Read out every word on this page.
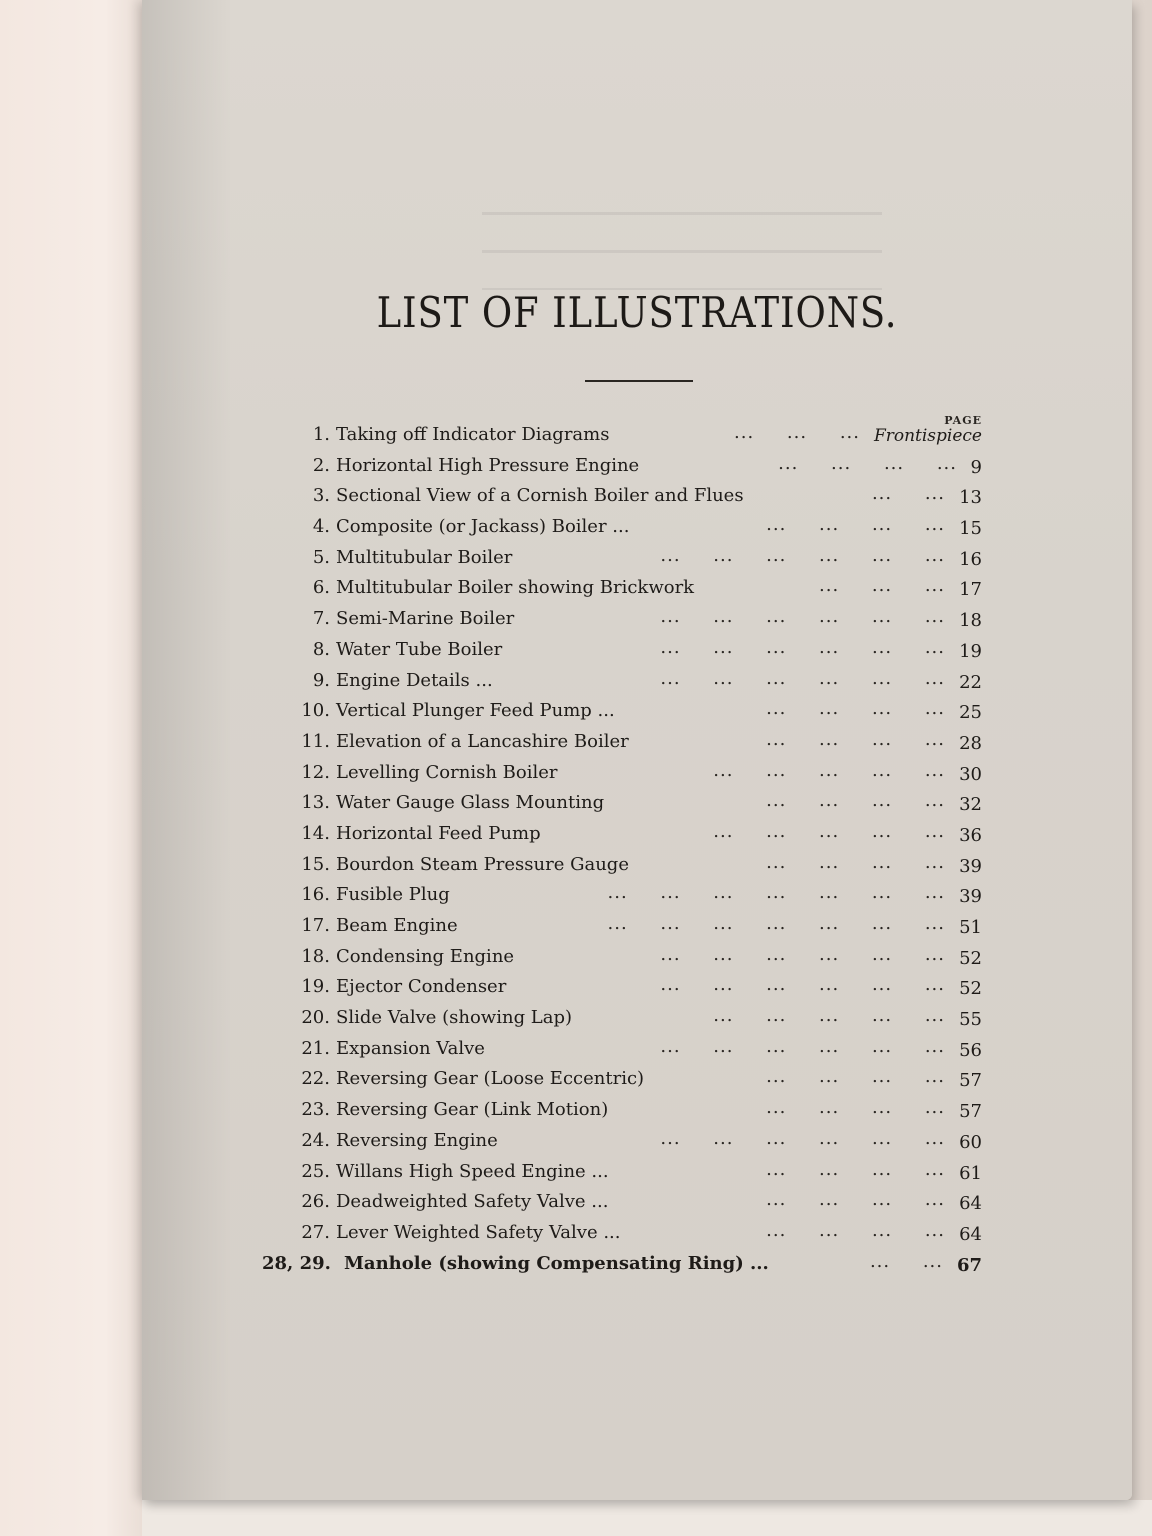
LIST OF ILLUSTRATIONS.
PAGE
1. Taking off Indicator Diagrams	... ... ... Frontispiece
2. Horizontal High Pressure Engine	... ... ... ... 9
3. Sectional View of a Cornish Boiler and Flues	... ... 13
4. Composite (or Jackass) Boiler ...	... ... ... ... 15
5. Multitubular Boiler	... ... ... ... ... ... 16
6. Multitubular Boiler showing Brickwork	... ... ... 17
7. Semi-Marine Boiler	... ... ... ... ... ... 18
8. Water Tube Boiler	... ... ... ... ... ... 19
9. Engine Details ...	... ... ... ... ... ... 22
10. Vertical Plunger Feed Pump ...	... ... ... ... 25
11. Elevation of a Lancashire Boiler	... ... ... ... 28
12. Levelling Cornish Boiler	... ... ... ... ... 30
13. Water Gauge Glass Mounting	... ... ... ... 32
14. Horizontal Feed Pump	... ... ... ... ... 36
15. Bourdon Steam Pressure Gauge	... ... ... ... 39
16. Fusible Plug	... ... ... ... ... ... ... 39
17. Beam Engine	... ... ... ... ... ... ... 51
18. Condensing Engine	... ... ... ... ... ... 52
19. Ejector Condenser	... ... ... ... ... ... 52
20. Slide Valve (showing Lap)	... ... ... ... ... 55
21. Expansion Valve	... ... ... ... ... ... 56
22. Reversing Gear (Loose Eccentric)	... ... ... ... 57
23. Reversing Gear (Link Motion)	... ... ... ... 57
24. Reversing Engine	... ... ... ... ... ... 60
25. Willans High Speed Engine ...	... ... ... ... 61
26. Deadweighted Safety Valve ...	... ... ... ... 64
27. Lever Weighted Safety Valve ...	... ... ... ... 64
28, 29. Manhole (showing Compensating Ring) ...	... ... 67
